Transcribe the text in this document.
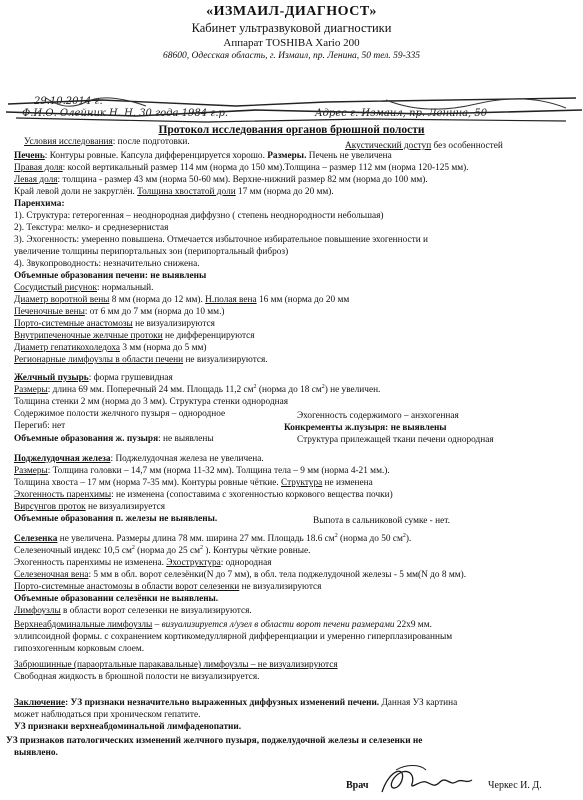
«ИЗМАИЛ-ДИАГНОСТ»
Кабинет ультразвуковой диагностики
Аппарат TOSHIBA Xario 200
68600, Одесская область, г. Измаил, пр. Ленина, 50 тел. 59-335
29.10.2014 г.
Ф.И.О. Олейник Н. Н. 30 года 1984 г.р.	Адрес г. Измаил, пр. Ленина, 50
Протокол исследования органов брюшной полости
Условия исследования: после подготовки.	Акустический доступ без особенностей
Печень: Контуры ровные. Капсула дифференцируется хорошо. Размеры. Печень не увеличена
Правая доля: косой вертикальный размер 114 мм (норма до 150 мм).Толщина – размер 112 мм (норма 120-125 мм).
Левая доля: толщина - размер 43 мм (норма 50-60 мм). Верхне-нижний размер 82 мм (норма до 100 мм).
Край левой доли не закруглён. Толщина хвостатой доли 17 мм (норма до 20 мм).
Паренхима:
1). Структура: гетерогенная – неоднородная диффузно ( степень неоднородности небольшая)
2). Текстура: мелко- и среднезернистая
3). Эхогенность: умеренно повышена. Отмечается избыточное избирательное повышение эхогенности и
увеличение толщины перипортальных зон (перипортальный фиброз)
4). Звукопроводность: незначительно снижена.
Объемные образования печени: не выявлены
Сосудистый рисунок: нормальный.
Диаметр воротной вены 8 мм (норма до 12 мм). Н.полая вена 16 мм (норма до 20 мм
Печеночные вены: от 6 мм до 7 мм (норма до 10 мм.)
Порто-системные анастомозы не визуализируются
Внутрипеченочные желчные протоки не дифференцируются
Диаметр гепатикохоледоха 3 мм (норма до 5 мм)
Регионарные лимфоузлы в области печени не визуализируются.
Желчный пузырь: форма грушевидная
Размеры: длина 69 мм. Поперечный 24 мм. Площадь 11,2 $см^2$ (норма до 18 $см^2$) не увеличен.
Толщина стенки 2 мм (норма до 3 мм). Структура стенки однородная
Содержимое полости желчного пузыря – однородное	Эхогенность содержимого – анэхогенная
Перегиб: нет	Конкременты ж.пузыря: не выявлены
Объемные образования ж. пузыря: не выявлены	Структура прилежащей ткани печени однородная
Поджелудочная железа: Поджелудочная железа не увеличена.
Размеры: Толщина головки – 14,7 мм (норма 11-32 мм). Толщина тела – 9 мм (норма 4-21 мм.).
Толщина хвоста – 17 мм (норма 7-35 мм). Контуры ровные чёткие. Структура не изменена
Эхогенность паренхимы: не изменена (сопоставима с эхогенностью коркового вещества почки)
Вирсунгов проток не визуализируется
Объемные образования п. железы не выявлены.	Выпота в сальниковой сумке - нет.
Селезенка не увеличена. Размеры длина 78 мм. ширина 27 мм. Площадь 18.6 $см^2$ (норма до 50 $см^2$).
Селезеночный индекс 10,5 $см^2$ (норма до 25 $см^2$ ). Контуры чёткие ровные.
Эхогенность паренхимы не изменена. Эхоструктура: однородная
Селезеночная вена: 5 мм в обл. ворот селезёнки(N до 7 мм), в обл. тела поджелудочной железы - 5 мм(N до 8 мм).
Порто-системные анастомозы в области ворот селезенки не визуализируются
Объемные образовании селезёнки не выявлены.
Лимфоузлы в области ворот селезенки не визуализируются.
Верхнеабдоминальные лимфоузлы – визуализируется л/узел в области ворот печени размерами 22х9 мм.
эллипсоидной формы. с сохранением кортикомедуллярной дифференциации и умеренно гиперплазированным
гипоэхогенным корковым слоем.
Забрюшинные (параортальные паракавальные) лимфоузлы – не визуализируются
Свободная жидкость в брюшной полости не визуализируется.
Заключение: УЗ признаки незначительно выраженных диффузных изменений печени. Данная УЗ картина
может наблюдаться при хроническом гепатите.
УЗ признаки верхнеабдоминальной лимфаденопатии.
УЗ признаков патологических изменений желчного пузыря, поджелудочной железы и селезенки не
выявлено.
Врач	Черкес И. Д.
